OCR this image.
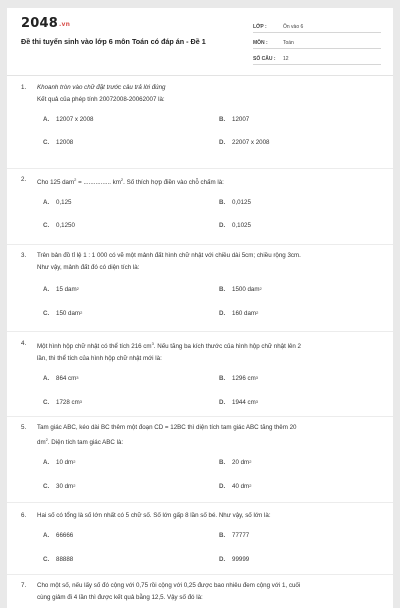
2048.vn
Đề thi tuyển sinh vào lớp 6 môn Toán có đáp án - Đề 1
LỚP :	Ôn vào 6
MÔN :	Toán
SỐ CÂU :	12
1.	Khoanh tròn vào chữ đặt trước câu trả lời đúng
Kết quả của phép tính 20072008-20062007 là:
A.	12007 x 2008	B.	12007
C.	12008	D.	22007 x 2008
2.	Cho 125 dam$^2$ = ................ $km^2$. Số thích hợp điền vào chỗ chấm là:
A.	0,125	B.	0,0125
C.	0,1250	D.	0,1025
3.	Trên bản đồ tỉ lệ 1 : 1 000 có vẽ một mảnh đất hình chữ nhật với chiều dài 5cm; chiều rộng 3cm.
Như vậy, mảnh đất đó có diện tích là:
A.	15 dam 2	B.	1500 dam 2
C.	150 dam 2	D.	160 dam 2
4.	Một hình hộp chữ nhật có thể tích 216 $cm^3$. Nếu tăng ba kích thước của hình hộp chữ nhật lên 2
lần, thì thể tích của hình hộp chữ nhật mới là:
A.	864 cm 3	B.	1296 cm 3
C.	1728 cm 3	D.	1944 cm 3
5.	Tam giác ABC, kéo dài BC thêm một đoạn CD = 12BC thì diện tích tam giác ABC tăng thêm 20
$dm^2$. Diện tích tam giác ABC là:
A.	10 dm 2	B.	20 dm 2
C.	30 dm 2	D.	40 dm 2
6.	Hai số có tổng là số lớn nhất có 5 chữ số. Số lớn gấp 8 lần số bé. Như vậy, số lớn là:
A.	66666	B.	77777
C.	88888	D.	99999
7.	Cho một số, nếu lấy số đó cộng với 0,75 rồi cộng với 0,25 được bao nhiêu đem cộng với 1, cuối
cùng giảm đi 4 lần thì được kết quả bằng 12,5. Vậy số đó là:
